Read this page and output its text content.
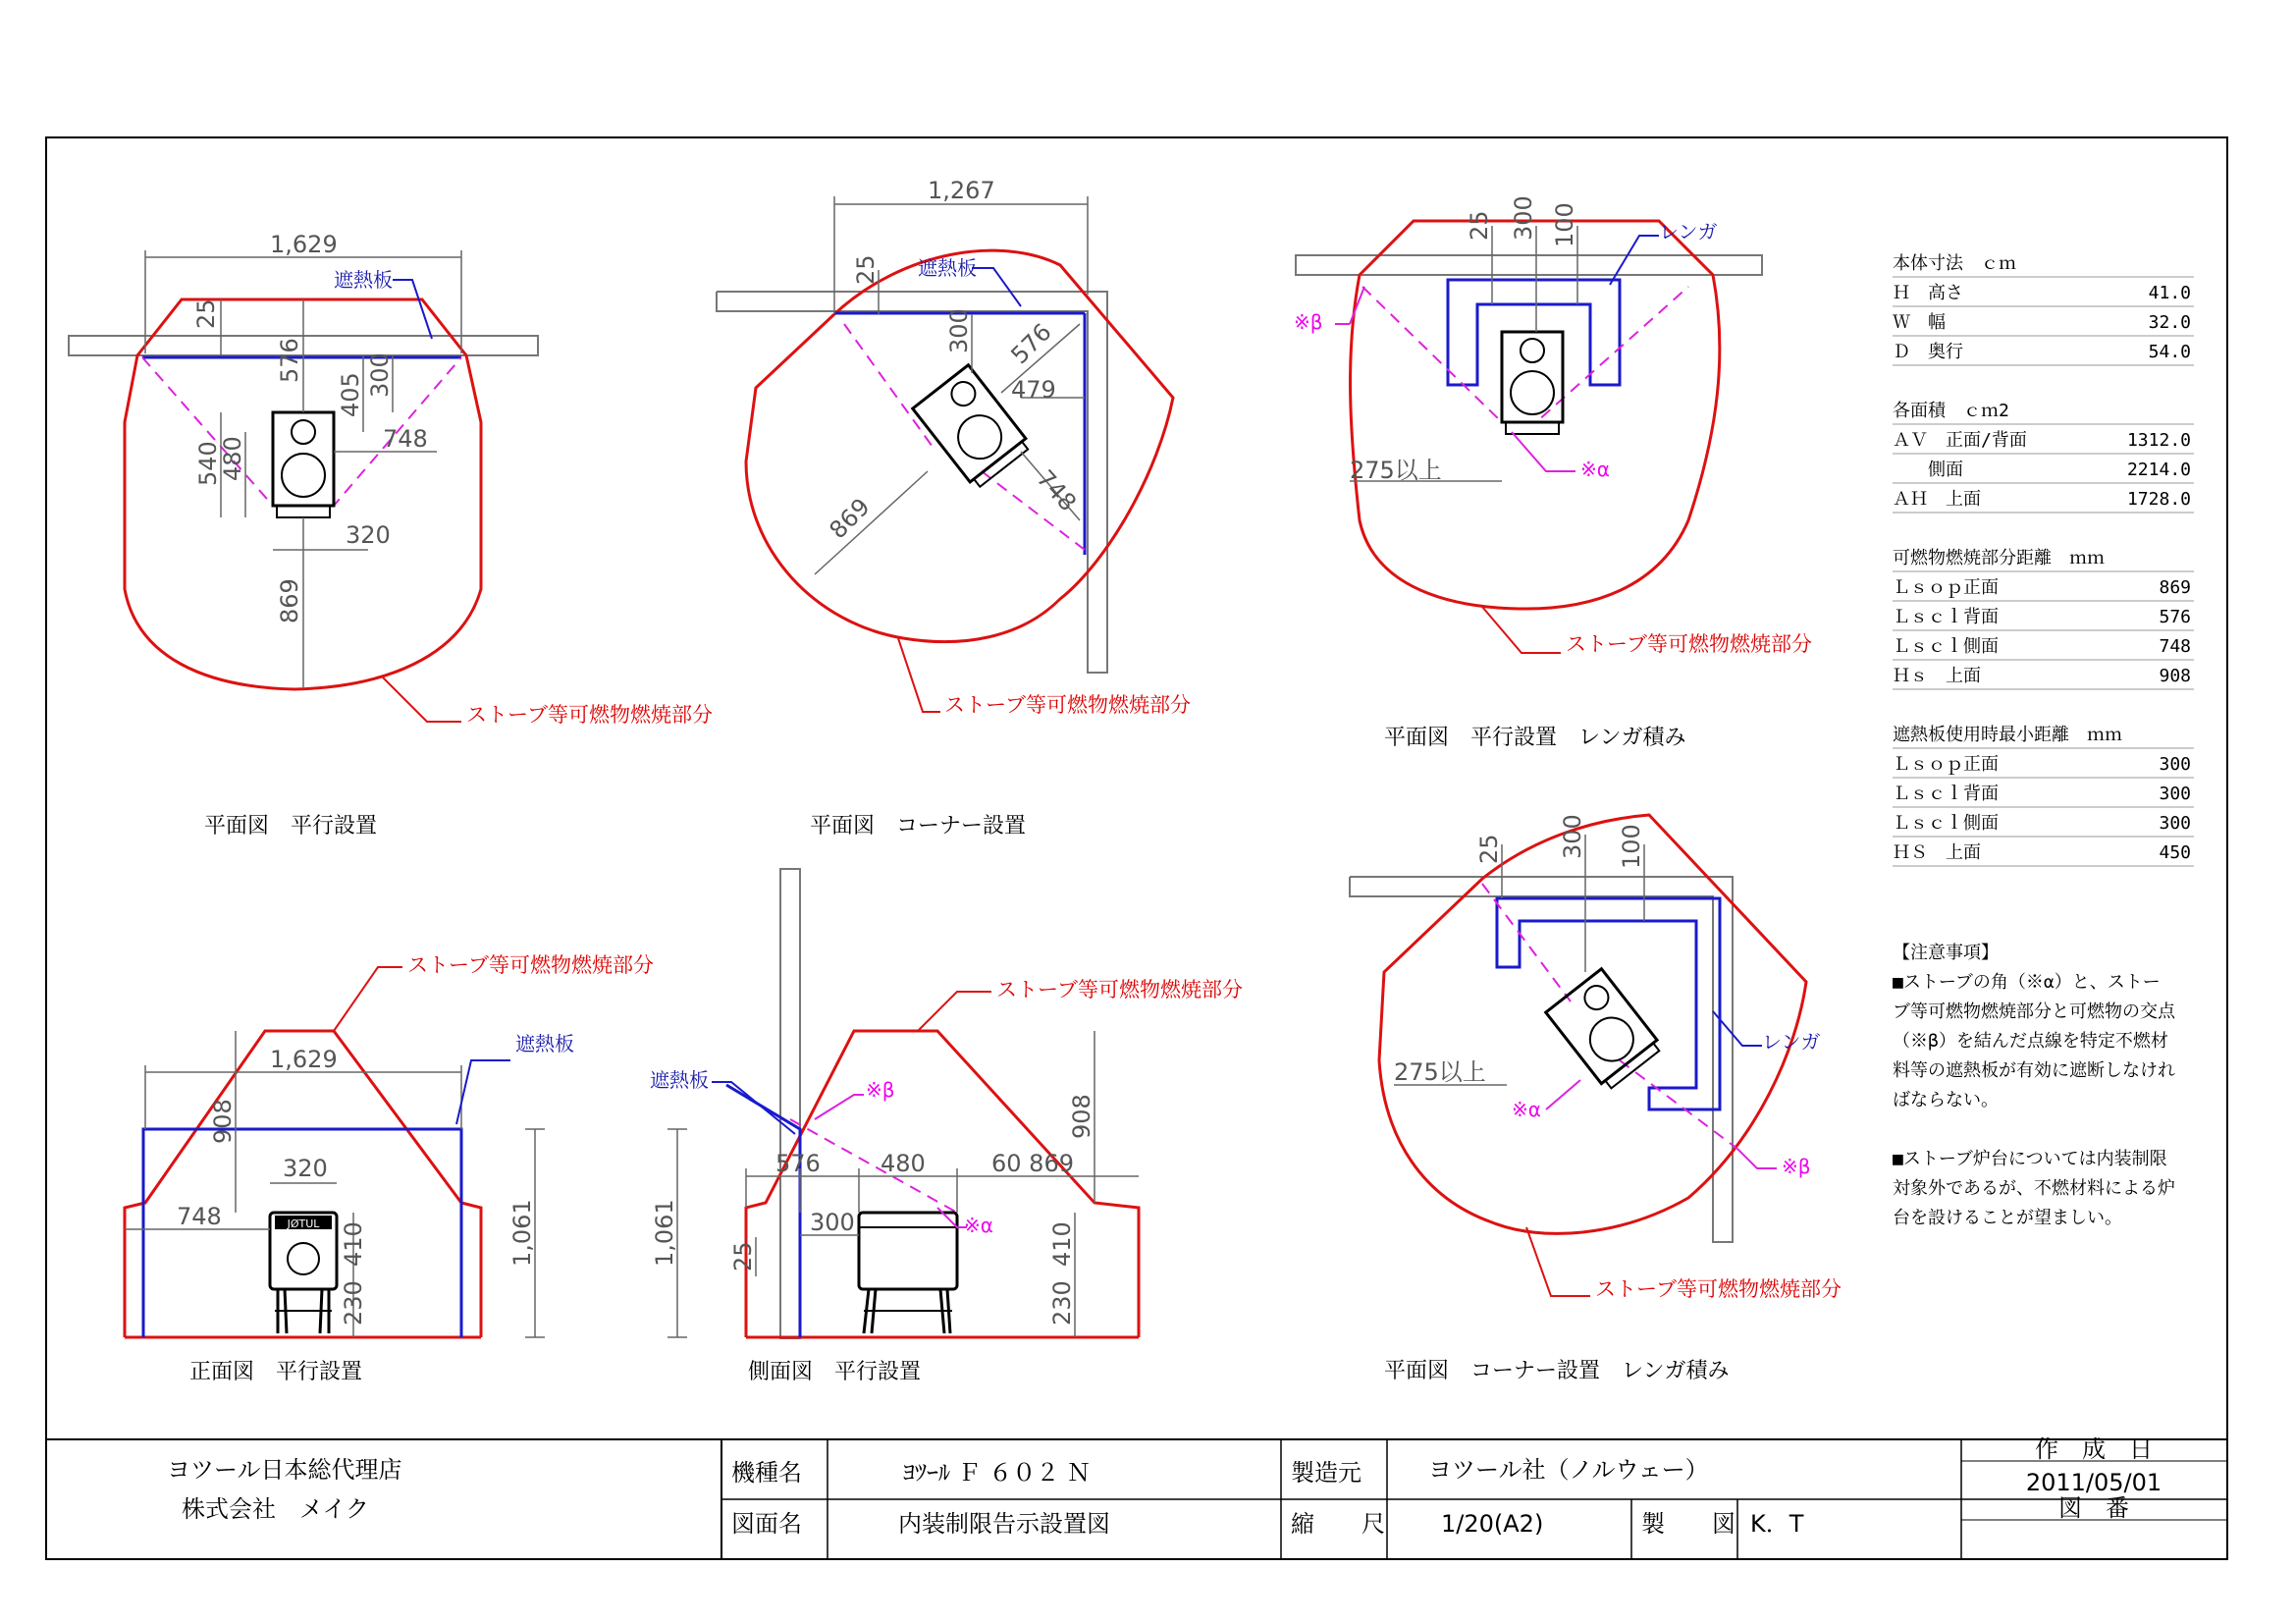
1,629
25
576
405 300
540
480	748
320
869
遮熱板
ストーブ等可燃物燃焼部分
平面図　平行設置
1,267
25
300 576
479
748
869
遮熱板
ストーブ等可燃物燃焼部分
平面図　コーナー設置
25 300 100
275以上
レンガ
※β
※α
ストーブ等可燃物燃焼部分
平面図　平行設置　レンガ積み
25 300 100
275以上
レンガ
※α
※β
ストーブ等可燃物燃焼部分
平面図　コーナー設置　レンガ積み
JØTUL
1,629
908
320
748
410
230
1,061
ストーブ等可燃物燃焼部分
遮熱板
正面図　平行設置
576	480	60 869
908
300
1,061 25	410
230
ストーブ等可燃物燃焼部分
遮熱板	※β
※α
側面図　平行設置
本体寸法　ｃｍ
Ｈ　高さ	41.0
Ｗ　幅	32.0
Ｄ　奥行	54.0
各面積　ｃｍ2
ＡＶ　正面/背面	1312.0
　　側面	2214.0
ＡＨ　上面	1728.0
可燃物燃焼部分距離　ｍｍ
Ｌｓｏｐ正面	869
Ｌｓｃｌ背面	576
Ｌｓｃｌ側面	748
Ｈｓ　上面	908
遮熱板使用時最小距離　ｍｍ
Ｌｓｏｐ正面	300
Ｌｓｃｌ背面	300
Ｌｓｃｌ側面	300
ＨＳ　上面	450
【注意事項】
■ストーブの角（※α）と、ストー
ブ等可燃物燃焼部分と可燃物の交点
（※β）を結んだ点線を特定不燃材
料等の遮熱板が有効に遮断しなけれ
ばならない。
■ストーブ炉台については内装制限
対象外であるが、不燃材料による炉
台を設けることが望ましい。
ヨツール日本総代理店
株式会社　メイク
機種名	ﾖﾂｰﾙ Ｆ ６０２ Ｎ	製造元	ヨツール社（ノルウェー）
作　成　日
2011/05/01
図面名	内装制限告示設置図	縮　　尺 1/20(A2)	製　　図 K．T
図　番
